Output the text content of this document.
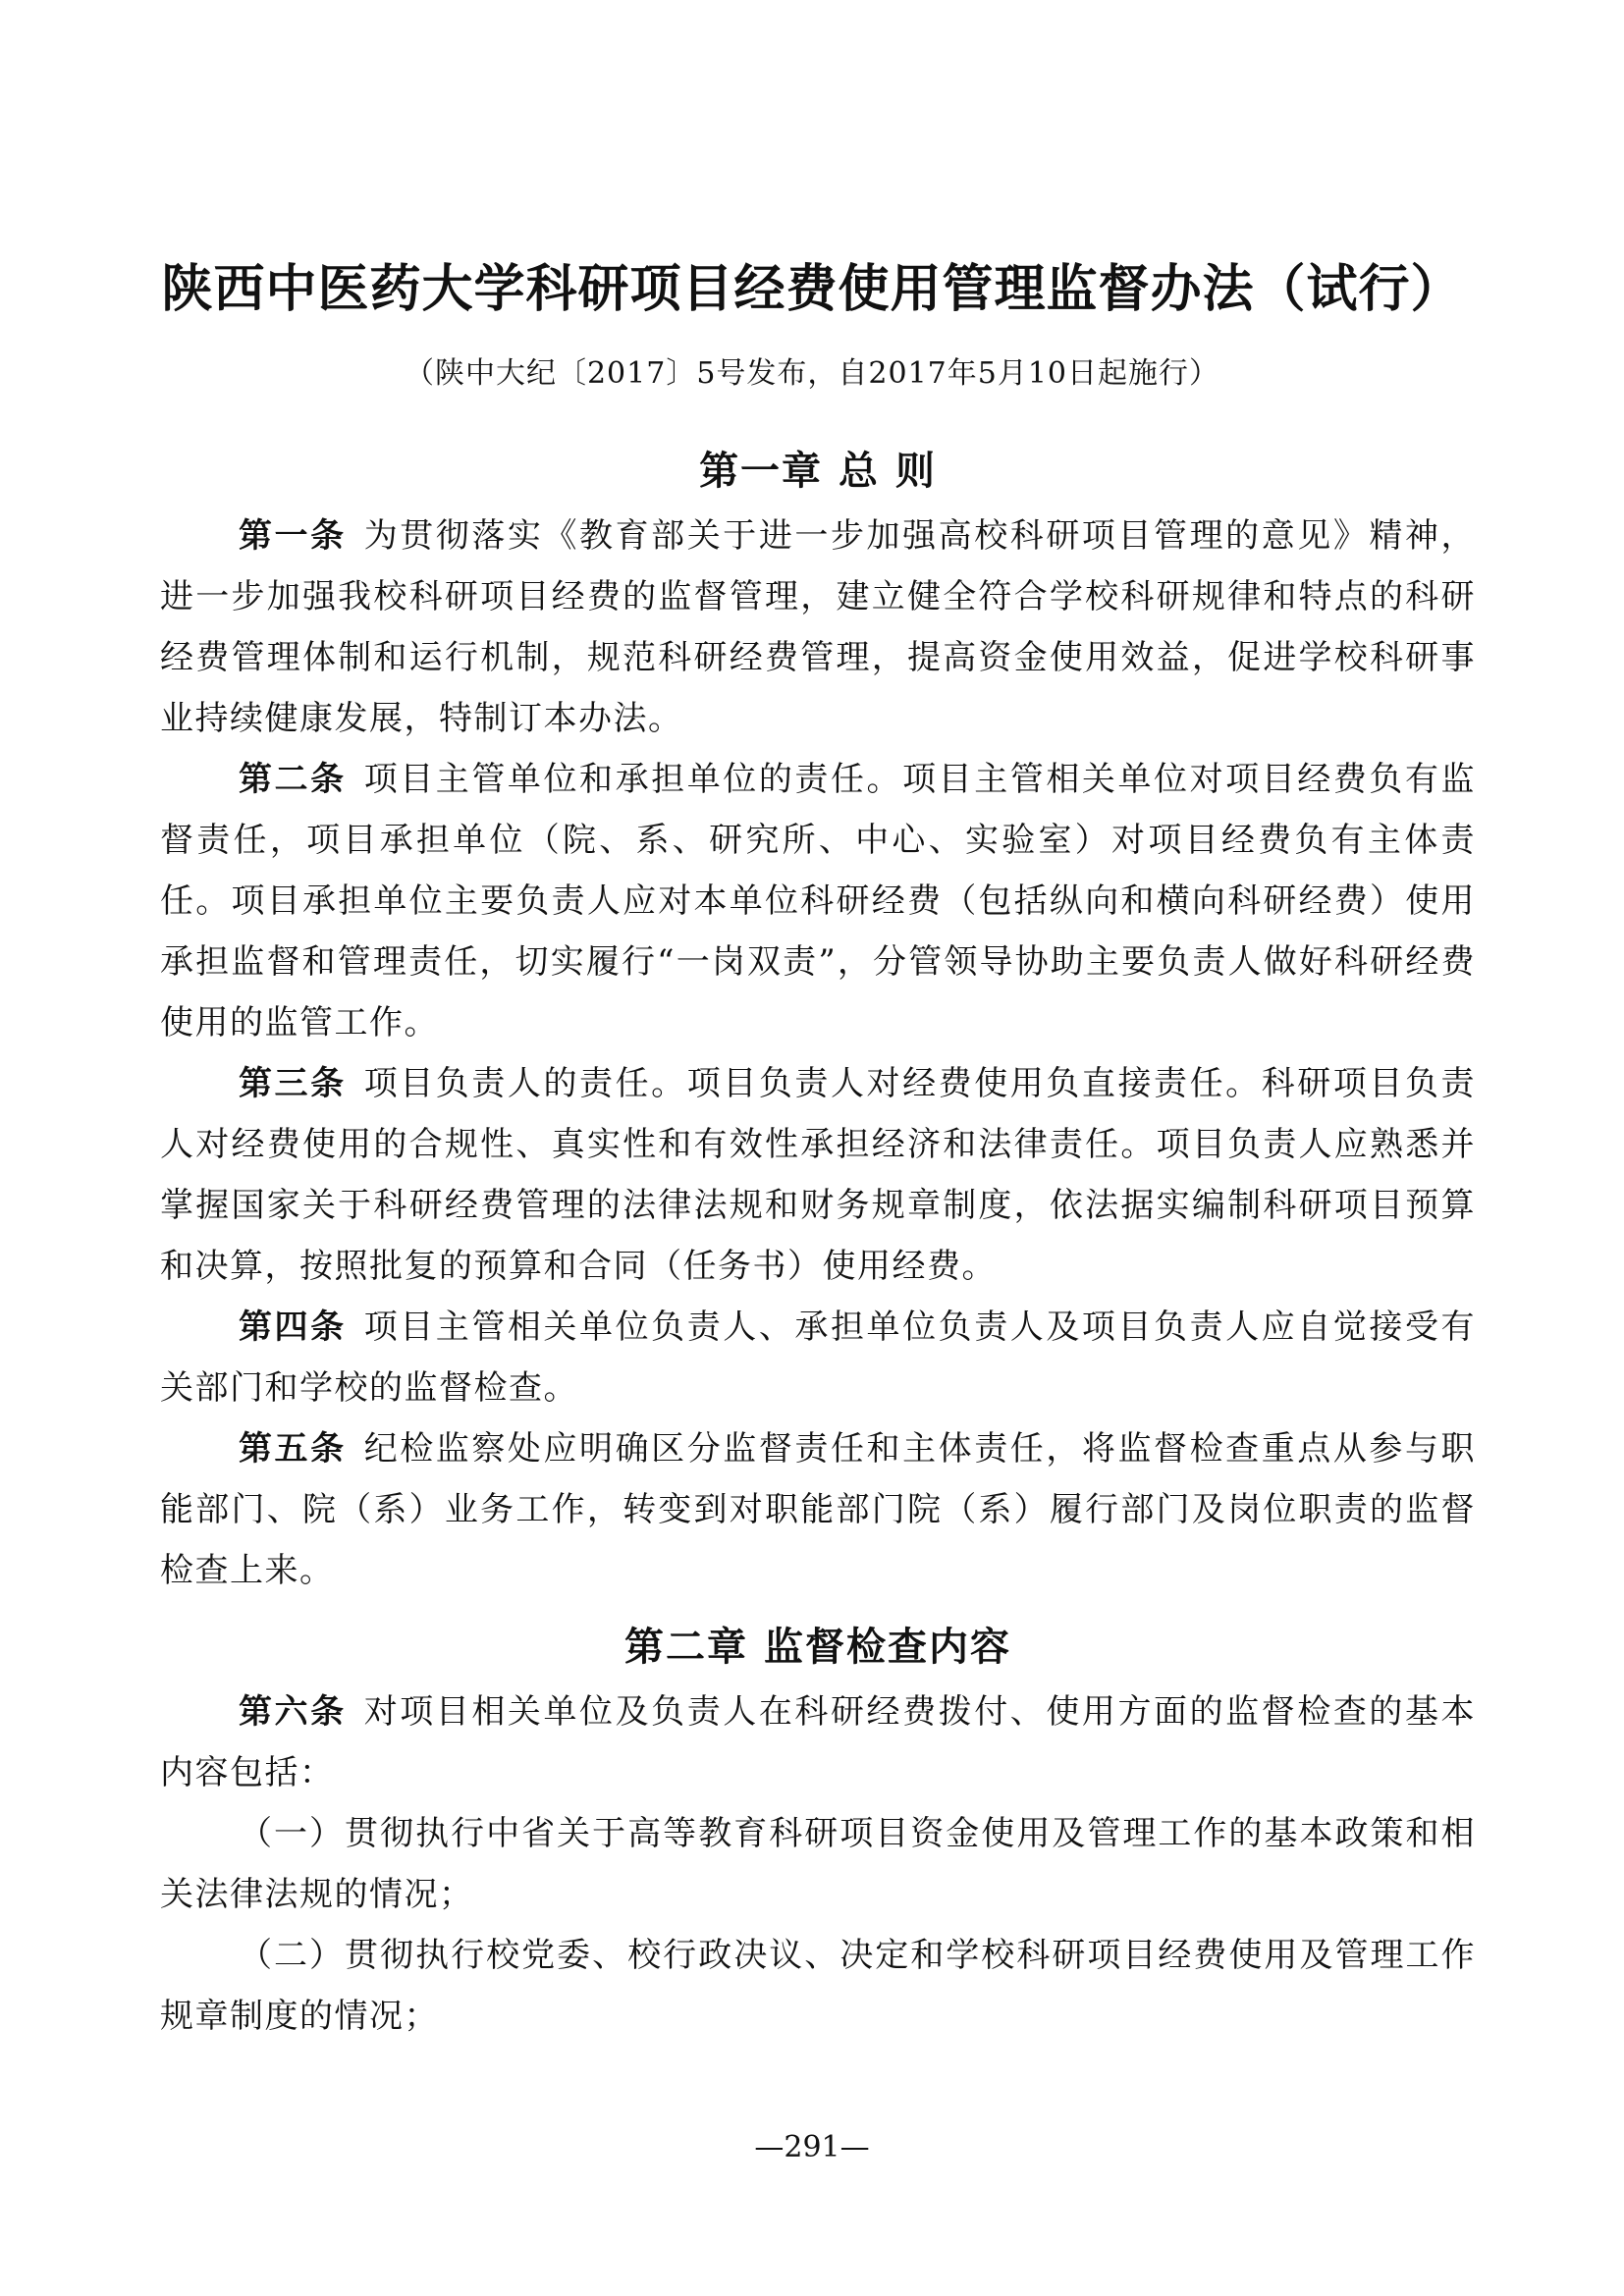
陕西中医药大学科研项目经费使用管理监督办法（试行）

（陕中大纪〔2017〕5号发布，自2017年5月10日起施行）

第一章 总 则

第一条 为贯彻落实《教育部关于进一步加强高校科研项目管理的意见》精神，进一步加强我校科研项目经费的监督管理，建立健全符合学校科研规律和特点的科研经费管理体制和运行机制，规范科研经费管理，提高资金使用效益，促进学校科研事业持续健康发展，特制订本办法。

第二条 项目主管单位和承担单位的责任。项目主管相关单位对项目经费负有监督责任，项目承担单位（院、系、研究所、中心、实验室）对项目经费负有主体责任。项目承担单位主要负责人应对本单位科研经费（包括纵向和横向科研经费）使用承担监督和管理责任，切实履行“一岗双责”，分管领导协助主要负责人做好科研经费使用的监管工作。

第三条 项目负责人的责任。项目负责人对经费使用负直接责任。科研项目负责人对经费使用的合规性、真实性和有效性承担经济和法律责任。项目负责人应熟悉并掌握国家关于科研经费管理的法律法规和财务规章制度，依法据实编制科研项目预算和决算，按照批复的预算和合同（任务书）使用经费。

第四条 项目主管相关单位负责人、承担单位负责人及项目负责人应自觉接受有关部门和学校的监督检查。

第五条 纪检监察处应明确区分监督责任和主体责任，将监督检查重点从参与职能部门、院（系）业务工作，转变到对职能部门院（系）履行部门及岗位职责的监督检查上来。

第二章 监督检查内容

第六条 对项目相关单位及负责人在科研经费拨付、使用方面的监督检查的基本内容包括：

（一）贯彻执行中省关于高等教育科研项目资金使用及管理工作的基本政策和相关法律法规的情况；

（二）贯彻执行校党委、校行政决议、决定和学校科研项目经费使用及管理工作规章制度的情况；

—291—
